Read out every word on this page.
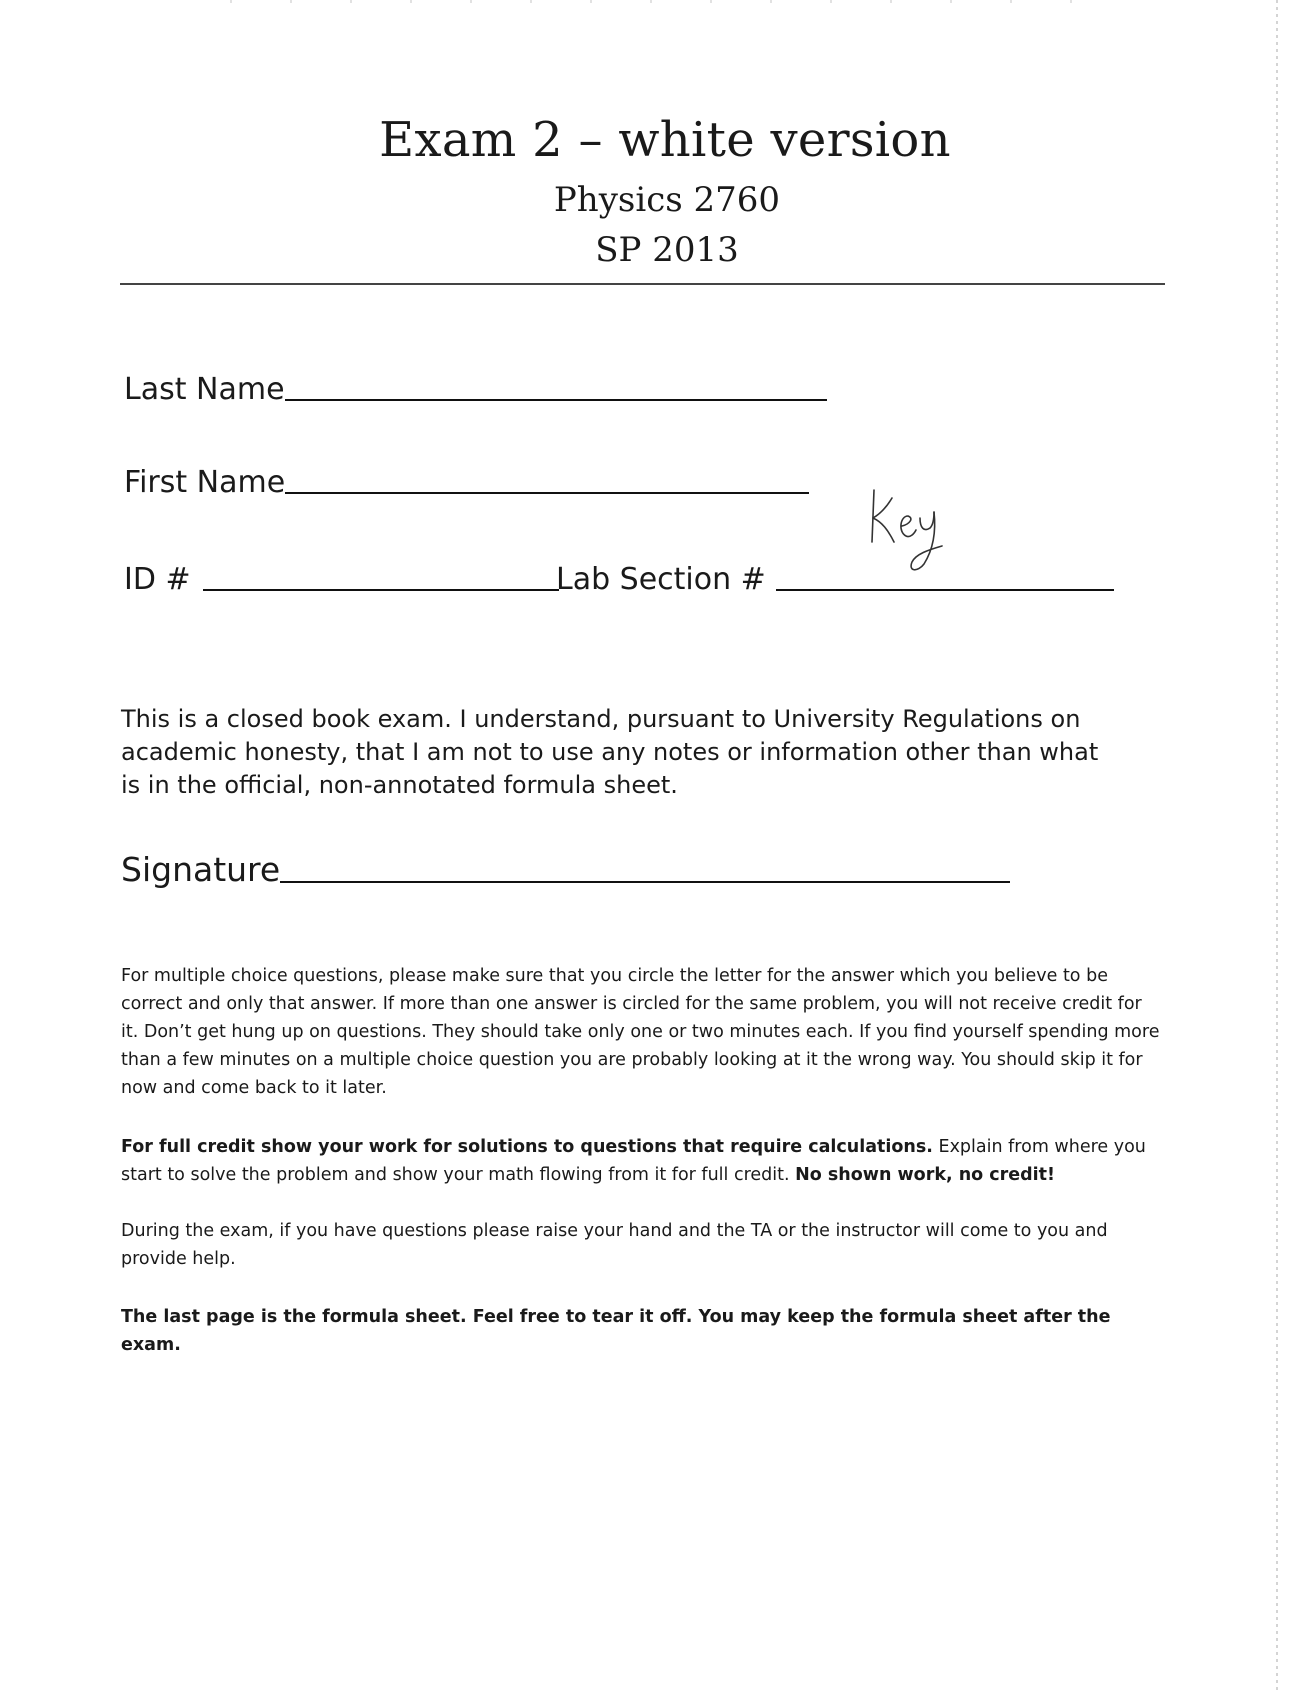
Exam 2 – white version
Physics 2760
SP 2013
Last Name
First Name
ID #	Lab Section #

This is a closed book exam. I understand, pursuant to University Regulations on academic honesty, that I am not to use any notes or information other than what is in the official, non-annotated formula sheet.

Signature

For multiple choice questions, please make sure that you circle the letter for the answer which you believe to be correct and only that answer. If more than one answer is circled for the same problem, you will not receive credit for it. Don’t get hung up on questions. They should take only one or two minutes each. If you find yourself spending more than a few minutes on a multiple choice question you are probably looking at it the wrong way. You should skip it for now and come back to it later.

For full credit show your work for solutions to questions that require calculations. Explain from where you start to solve the problem and show your math flowing from it for full credit. No shown work, no credit!

During the exam, if you have questions please raise your hand and the TA or the instructor will come to you and provide help.

The last page is the formula sheet. Feel free to tear it off. You may keep the formula sheet after the exam.
